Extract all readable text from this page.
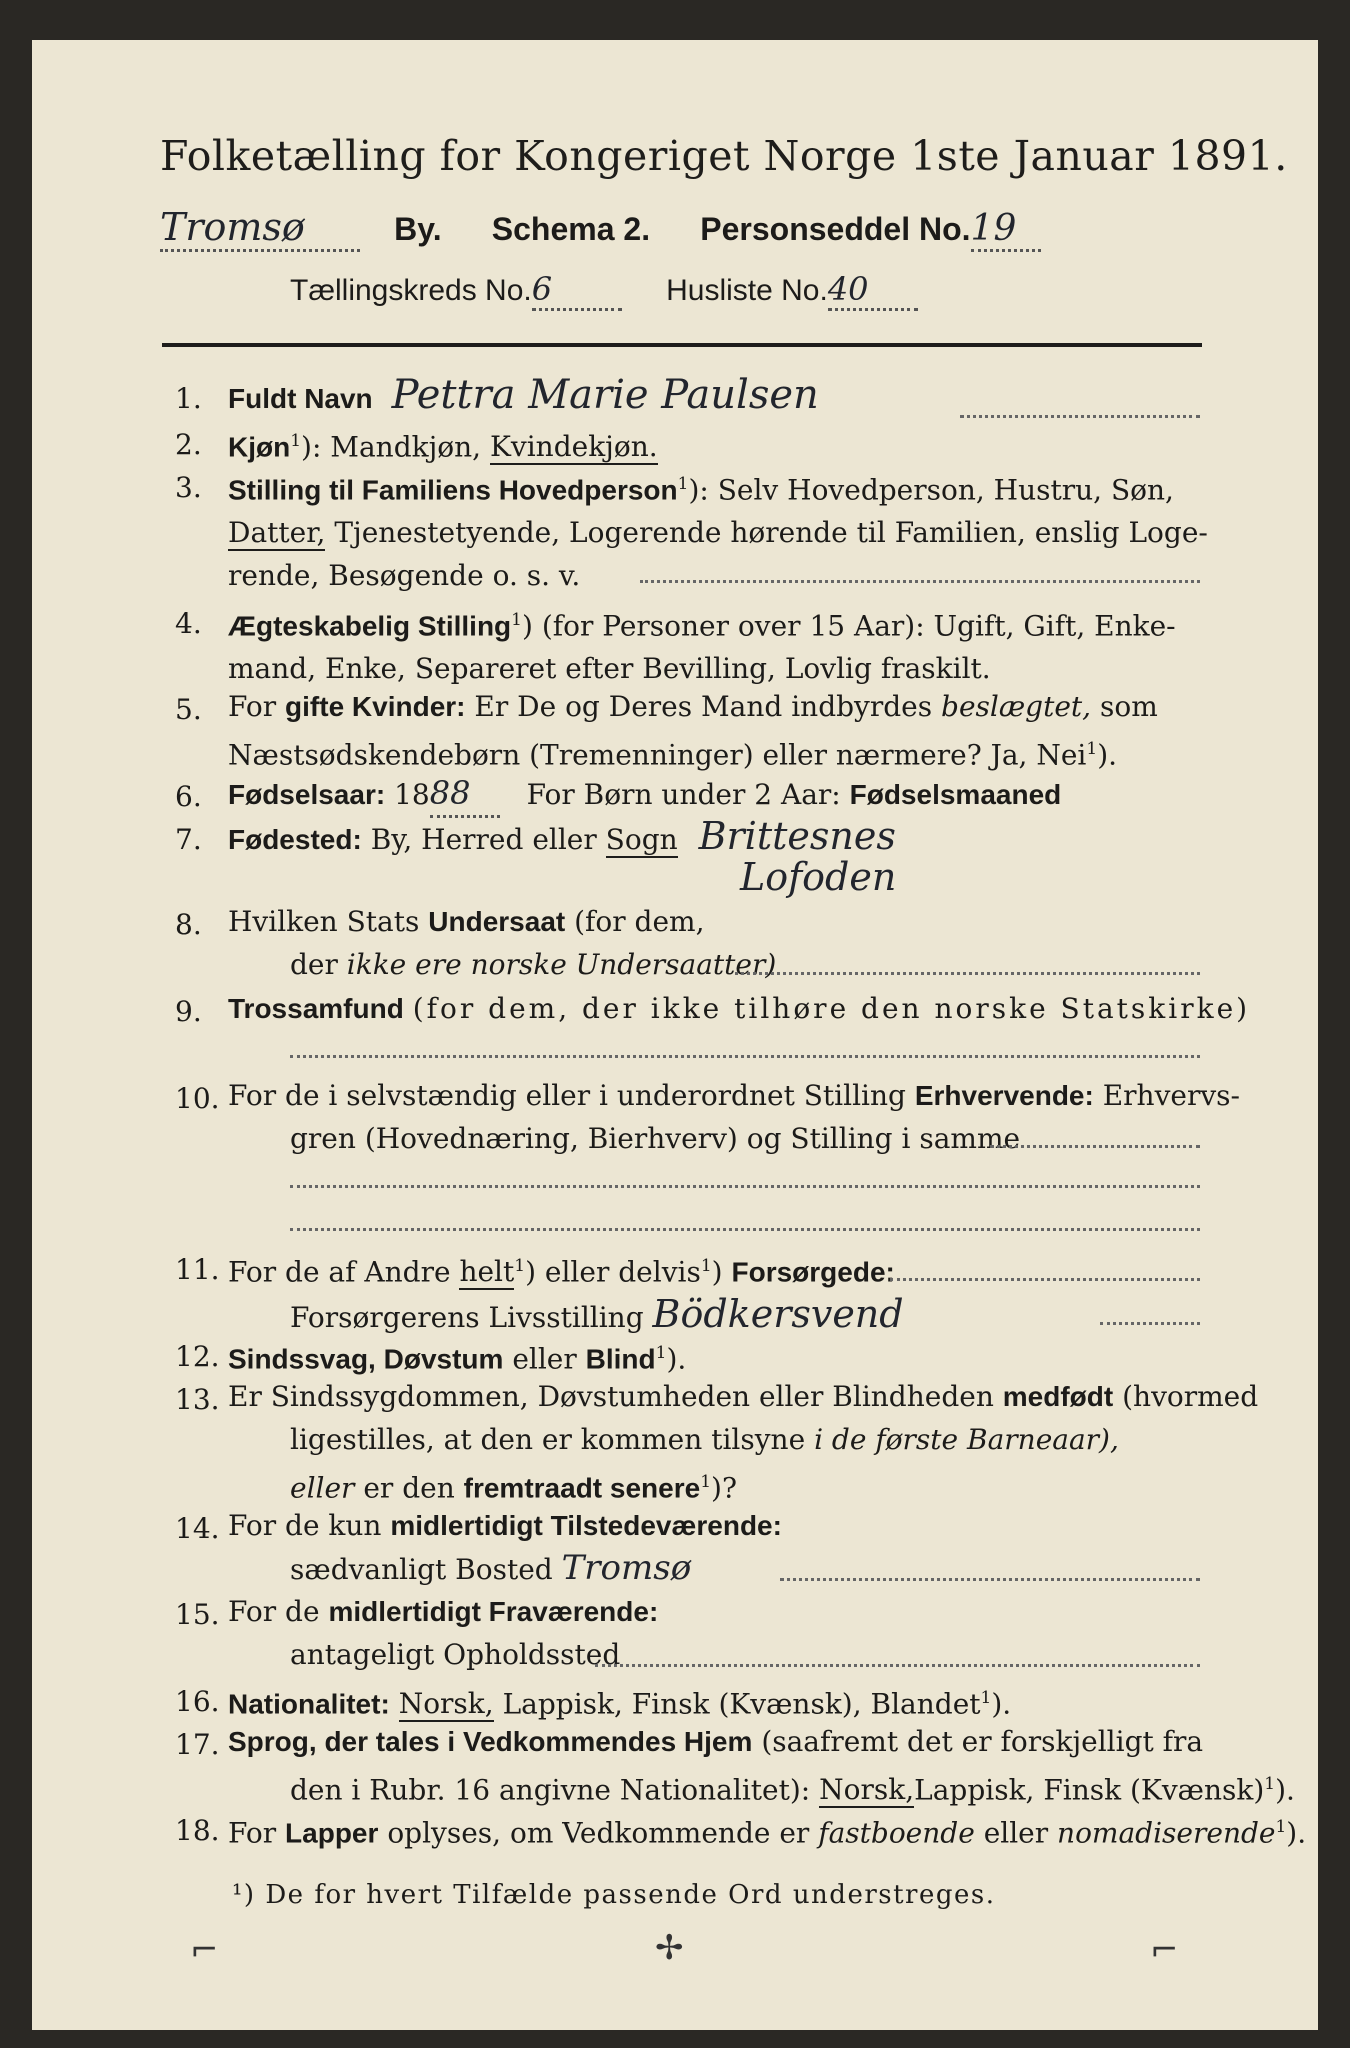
Folketælling for Kongeriget Norge 1ste Januar 1891.
Tromsø	By. Schema 2. Personseddel No.19
Tællingskreds No.6	Husliste No.40
1. Fuldt Navn Pettra Marie Paulsen
2. Kjøn$^1$): Mandkjøn, Kvindekjøn.
3. Stilling til Familiens Hovedperson$^1$): Selv Hovedperson, Hustru, Søn,
Datter, Tjenestetyende, Logerende hørende til Familien, enslig Loge-
rende, Besøgende o. s. v.
4. Ægteskabelig Stilling$^1$) (for Personer over 15 Aar): Ugift, Gift, Enke-
mand, Enke, Separeret efter Bevilling, Lovlig fraskilt.
5. For gifte Kvinder: Er De og Deres Mand indbyrdes beslægtet, som
Næstsødskendebørn (Tremenninger) eller nærmere? Ja, Nei$^1$).
6. Fødselsaar: 1888 For Børn under 2 Aar: Fødselsmaaned
7. Fødested: By, Herred eller Sogn Brittesnes
Lofoden
8. Hvilken Stats Undersaat (for dem,
der ikke ere norske Undersaatter)
9. Trossamfund (for dem, der ikke tilhøre den norske Statskirke)
10. For de i selvstændig eller i underordnet Stilling Erhvervende: Erhvervs-
gren (Hovednæring, Bierhverv) og Stilling i samme
11. For de af Andre helt$^1$) eller delvis$^1$) Forsørgede:
Forsørgerens Livsstilling Bödkersvend
12. Sindssvag, Døvstum eller Blind$^1$).
13. Er Sindssygdommen, Døvstumheden eller Blindheden medfødt (hvormed
ligestilles, at den er kommen tilsyne i de første Barneaar),
eller er den fremtraadt senere$^1$)?
14. For de kun midlertidigt Tilstedeværende:
sædvanligt Bosted Tromsø
15. For de midlertidigt Fraværende:
antageligt Opholdssted
16. Nationalitet: Norsk, Lappisk, Finsk (Kvænsk), Blandet$^1$).
17. Sprog, der tales i Vedkommendes Hjem (saafremt det er forskjelligt fra
den i Rubr. 16 angivne Nationalitet): Norsk,Lappisk, Finsk (Kvænsk)$^1$).
18. For Lapper oplyses, om Vedkommende er fastboende eller nomadiserende$^1$).
¹) De for hvert Tilfælde passende Ord understreges.
⌐	✢	⌐
